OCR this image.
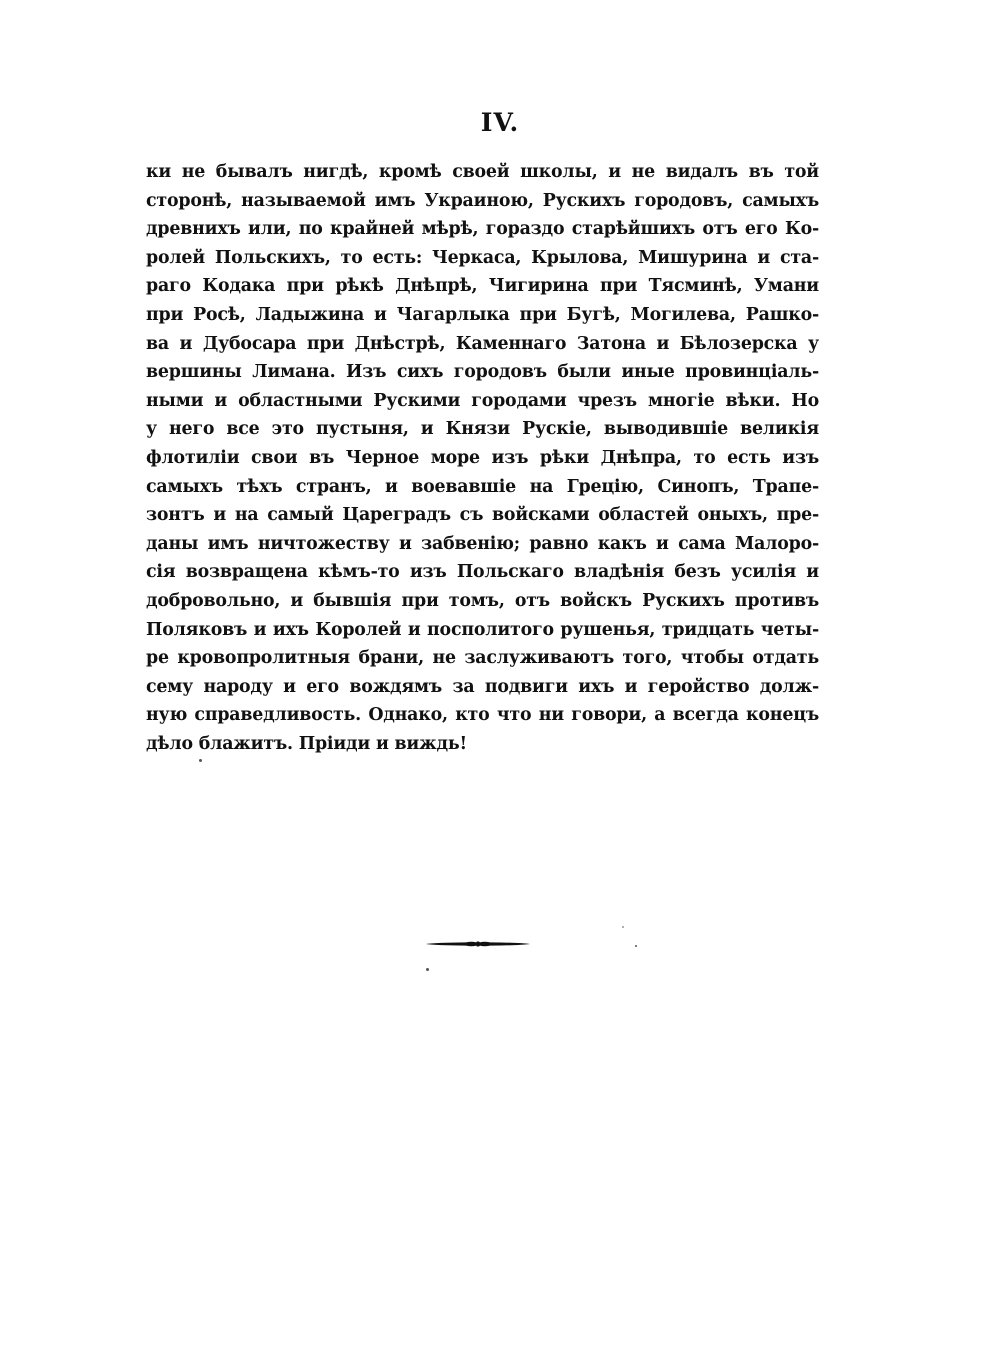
IV.
ки не бывалъ нигдѣ, кромѣ своей школы, и не видалъ въ той
сторонѣ, называемой имъ Украиною, Рускихъ городовъ, самыхъ
древнихъ или, по крайней мѣрѣ, гораздо старѣйшихъ отъ его Ко-
ролей Польскихъ, то есть: Черкаса, Крылова, Мишурина и ста-
раго Кодака при рѣкѣ Днѣпрѣ, Чигирина при Тясминѣ, Умани
при Росѣ, Ладыжина и Чагарлыка при Бугѣ, Могилева, Рашко-
ва и Дубосара при Днѣстрѣ, Каменнаго Затона и Бѣлозерска у
вершины Лимана. Изъ сихъ городовъ были иные провинціаль-
ными и областными Рускими городами чрезъ многіе вѣки. Но
у него все это пустыня, и Князи Рускіе, выводившіе великія
флотиліи свои въ Черное море изъ рѣки Днѣпра, то есть изъ
самыхъ тѣхъ странъ, и воевавшіе на Грецію, Синопъ, Трапе-
зонтъ и на самый Цареградъ съ войсками областей оныхъ, пре-
даны имъ ничтожеству и забвенію; равно какъ и сама Малоро-
сія возвращена кѣмъ-то изъ Польскаго владѣнія безъ усилія и
добровольно, и бывшія при томъ, отъ войскъ Рускихъ противъ
Поляковъ и ихъ Королей и посполитого рушенья, тридцать четы-
ре кровопролитныя брани, не заслуживаютъ того, чтобы отдать
сему народу и его вождямъ за подвиги ихъ и геройство долж-
ную справедливость. Однако, кто что ни говори, а всегда конецъ
дѣло блажитъ. Пріиди и виждь!
